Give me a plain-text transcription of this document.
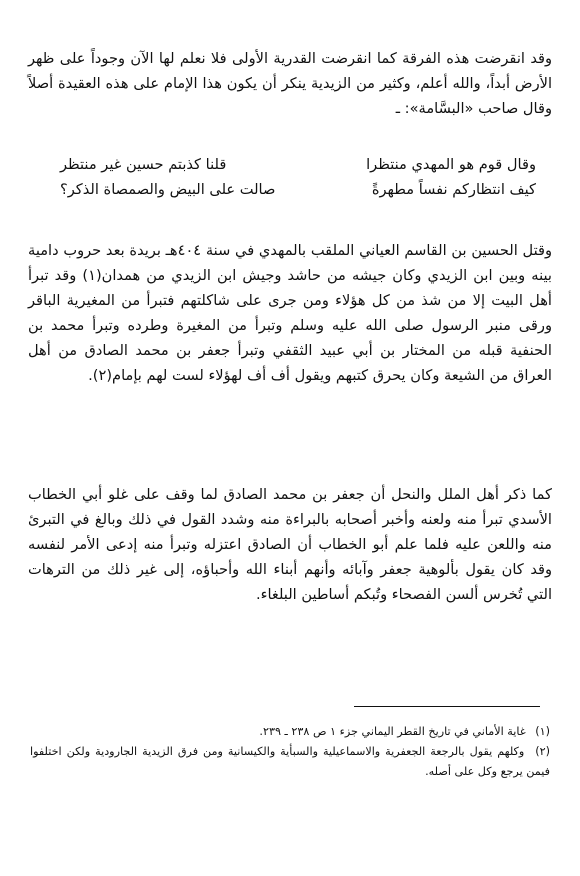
وقد انقرضت هذه الفرقة كما انقرضت القدرية الأولى فلا نعلم لها الآن وجوداً على ظهر الأرض أبداً، والله أعلم، وكثير من الزيدية ينكر أن يكون هذا الإمام على هذه العقيدة أصلاً وقال صاحب «البسَّامة»: ـ

وقال قوم هو المهدي منتظرا
قلنا كذبتم حسين غير منتظر
كيف انتظاركم نفساً مطهرةً
صالت على البيض والصمصاة الذكر؟

وقتل الحسين بن القاسم العياني الملقب بالمهدي في سنة ٤٠٤هـ بريدة بعد حروب دامية بينه وبين ابن الزيدي وكان جيشه من حاشد وجيش ابن الزيدي من همدان(١) وقد تبرأ أهل البيت إلا من شذ من كل هؤلاء ومن جرى على شاكلتهم فتبرأ من المغيرية الباقر ورقى منبر الرسول صلى الله عليه وسلم وتبرأ من المغيرة وطرده وتبرأ محمد بن الحنفية قبله من المختار بن أبي عبيد الثقفي وتبرأ جعفر بن محمد الصادق من أهل العراق من الشيعة وكان يحرق كتبهم ويقول أف أف لهؤلاء لست لهم بإمام(٢).

كما ذكر أهل الملل والنحل أن جعفر بن محمد الصادق لما وقف على غلو أبي الخطاب الأسدي تبرأ منه ولعنه وأخبر أصحابه بالبراءة منه وشدد القول في ذلك وبالغ في التبرئ منه واللعن عليه فلما علم أبو الخطاب أن الصادق اعتزله وتبرأ منه إدعى الأمر لنفسه وقد كان يقول بألوهية جعفر وآبائه وأنهم أبناء الله وأحباؤه، إلى غير ذلك من الترهات التي تُخرس ألسن الفصحاء وتُبكم أساطين البلغاء.

(١) غاية الأماني في تاريخ القطر اليماني جزء ١ ص ٢٣٨ ـ ٢٣٩.

(٢) وكلهم يقول بالرجعة الجعفرية والاسماعيلية والسبأية والكيسانية ومن فرق الزيدية الجارودية ولكن اختلفوا فيمن يرجع وكل على أصله.
